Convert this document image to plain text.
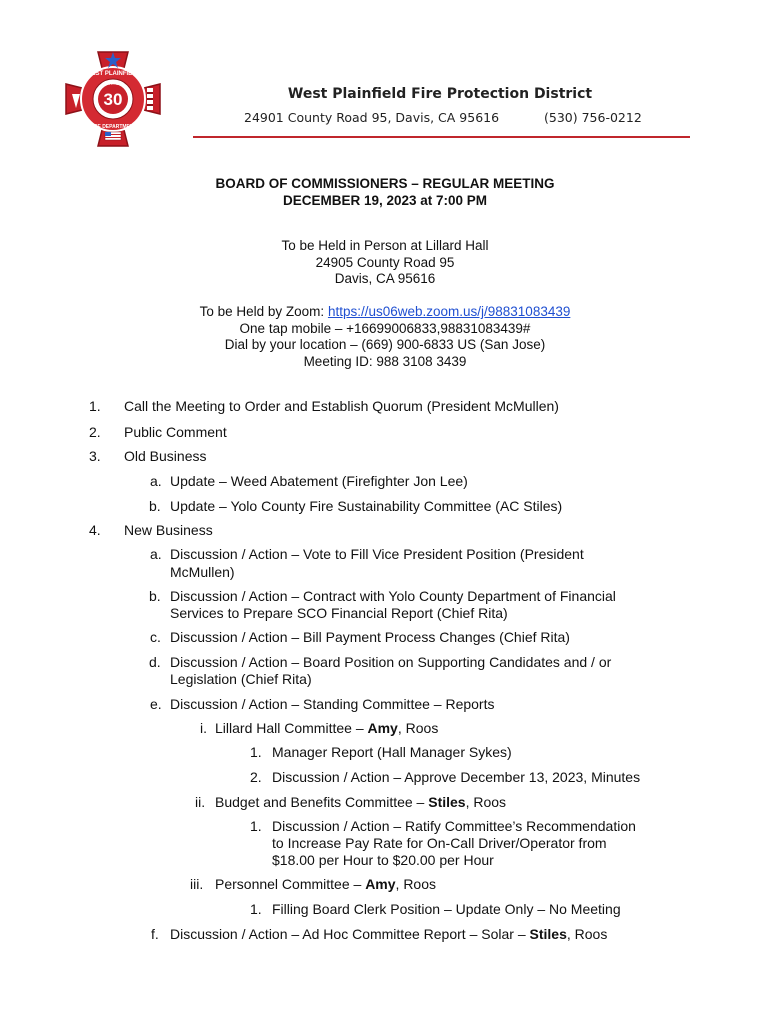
30
WEST PLAINFIELD
STATION
FIRE DEPARTMENT
West Plainfield Fire Protection District
24901 County Road 95, Davis, CA 95616	(530) 756-0212
BOARD OF COMMISSIONERS – REGULAR MEETING
DECEMBER 19, 2023 at 7:00 PM
To be Held in Person at Lillard Hall
24905 County Road 95
Davis, CA 95616
To be Held by Zoom: https://us06web.zoom.us/j/98831083439
One tap mobile – +16699006833,98831083439#
Dial by your location – (669) 900-6833 US (San Jose)
Meeting ID: 988 3108 3439
1. Call the Meeting to Order and Establish Quorum (President McMullen)
2. Public Comment
3. Old Business
a. Update – Weed Abatement (Firefighter Jon Lee)
b. Update – Yolo County Fire Sustainability Committee (AC Stiles)
4. New Business
a. Discussion / Action – Vote to Fill Vice President Position (President
McMullen)
b. Discussion / Action – Contract with Yolo County Department of Financial
Services to Prepare SCO Financial Report (Chief Rita)
c. Discussion / Action – Bill Payment Process Changes (Chief Rita)
d. Discussion / Action – Board Position on Supporting Candidates and / or
Legislation (Chief Rita)
e. Discussion / Action – Standing Committee – Reports
i. Lillard Hall Committee – Amy, Roos
1. Manager Report (Hall Manager Sykes)
2. Discussion / Action – Approve December 13, 2023, Minutes
ii. Budget and Benefits Committee – Stiles, Roos
1. Discussion / Action – Ratify Committee’s Recommendation
to Increase Pay Rate for On-Call Driver/Operator from
$18.00 per Hour to $20.00 per Hour
iii. Personnel Committee – Amy, Roos
1. Filling Board Clerk Position – Update Only – No Meeting
f. Discussion / Action – Ad Hoc Committee Report – Solar – Stiles, Roos
